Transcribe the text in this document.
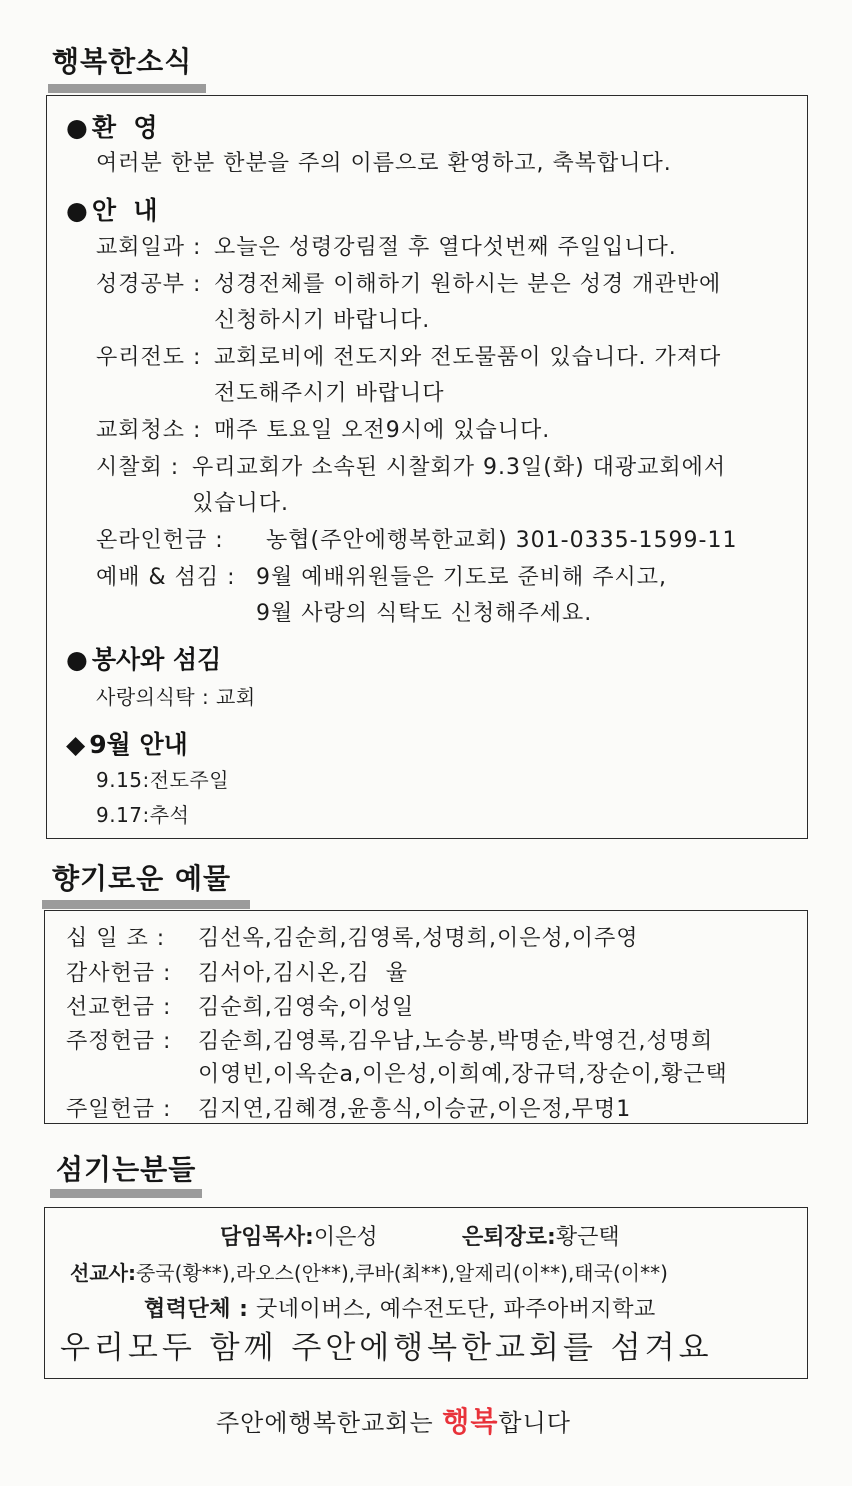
행복한소식
● 환  영
여러분 한분 한분을 주의 이름으로 환영하고, 축복합니다.
● 안  내
교회일과 : 오늘은 성령강림절 후 열다섯번째 주일입니다.
성경공부 : 성경전체를 이해하기 원하시는 분은 성경 개관반에
신청하시기 바랍니다.
우리전도 : 교회로비에 전도지와 전도물품이 있습니다. 가져다
전도해주시기 바랍니다
교회청소 : 매주 토요일 오전9시에 있습니다.
시찰회 : 우리교회가 소속된 시찰회가 9.3일(화) 대광교회에서
있습니다.
온라인헌금 : 농협(주안에행복한교회) 301-0335-1599-11
예배 & 섬김 : 9월 예배위원들은 기도로 준비해 주시고,
9월 사랑의 식탁도 신청해주세요.
● 봉사와 섬김
사랑의식탁 : 교회
◆ 9월 안내
9.15:전도주일
9.17:추석
향기로운 예물
십 일 조 : 김선옥,김순희,김영록,성명희,이은성,이주영
감사헌금 : 김서아,김시온,김  율
선교헌금 : 김순희,김영숙,이성일
주정헌금 : 김순희,김영록,김우남,노승봉,박명순,박영건,성명희
이영빈,이옥순a,이은성,이희예,장규덕,장순이,황근택
주일헌금 : 김지연,김혜경,윤흥식,이승균,이은정,무명1
섬기는분들
담임목사:이은성	은퇴장로:황근택
선교사:중국(황**),라오스(안**),쿠바(최**),알제리(이**),태국(이**)
협력단체 : 굿네이버스, 예수전도단, 파주아버지학교
우리모두 함께 주안에행복한교회를 섬겨요
주안에행복한교회는 행복합니다
